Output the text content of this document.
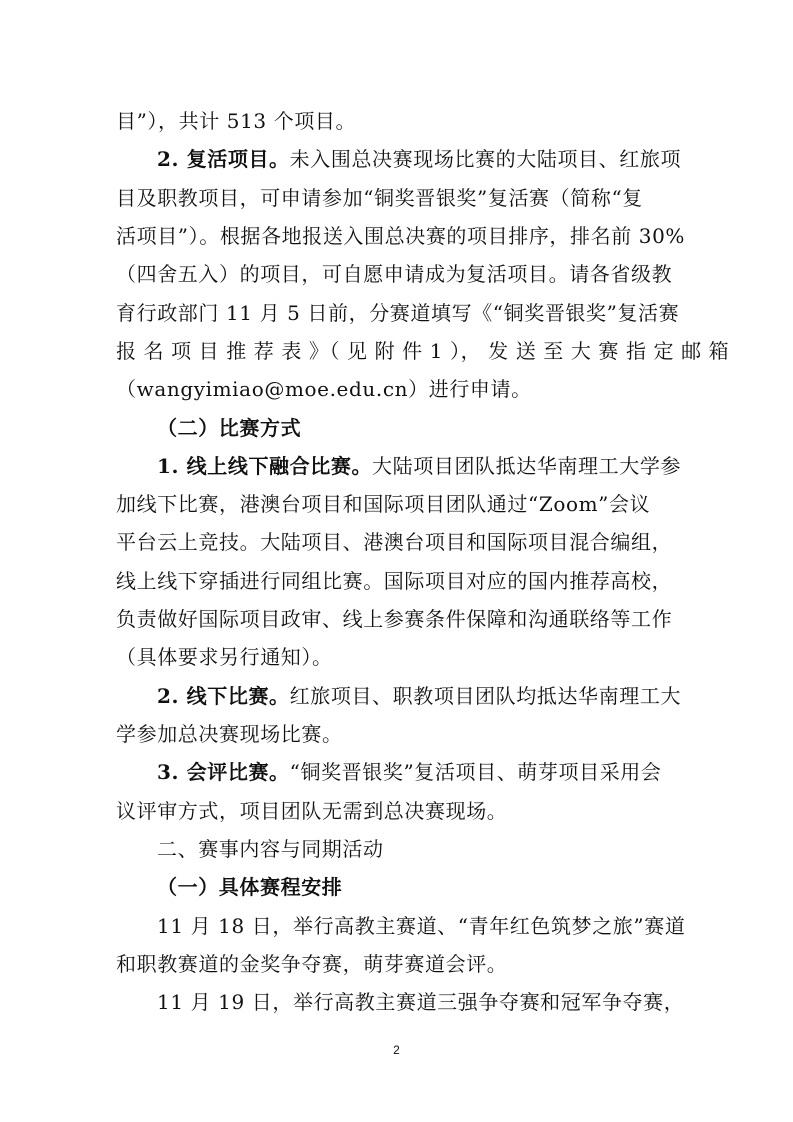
目”），共计 513 个项目。
2. 复活项目。未入围总决赛现场比赛的大陆项目、红旅项
目及职教项目，可申请参加“铜奖晋银奖”复活赛（简称“复
活项目”）。根据各地报送入围总决赛的项目排序，排名前 30%
（四舍五入）的项目，可自愿申请成为复活项目。请各省级教
育行政部门 11 月 5 日前，分赛道填写《“铜奖晋银奖”复活赛
报 名 项 目 推 荐 表 》（ 见 附 件 1 ）， 发 送 至 大 赛 指 定 邮 箱
（wangyimiao@moe.edu.cn）进行申请。
（二）比赛方式
1. 线上线下融合比赛。大陆项目团队抵达华南理工大学参
加线下比赛，港澳台项目和国际项目团队通过“Zoom”会议
平台云上竞技。大陆项目、港澳台项目和国际项目混合编组，
线上线下穿插进行同组比赛。国际项目对应的国内推荐高校，
负责做好国际项目政审、线上参赛条件保障和沟通联络等工作
（具体要求另行通知）。
2. 线下比赛。红旅项目、职教项目团队均抵达华南理工大
学参加总决赛现场比赛。
3. 会评比赛。“铜奖晋银奖”复活项目、萌芽项目采用会
议评审方式，项目团队无需到总决赛现场。
二、赛事内容与同期活动
（一）具体赛程安排
11 月 18 日，举行高教主赛道、“青年红色筑梦之旅”赛道
和职教赛道的金奖争夺赛，萌芽赛道会评。
11 月 19 日，举行高教主赛道三强争夺赛和冠军争夺赛，
2
